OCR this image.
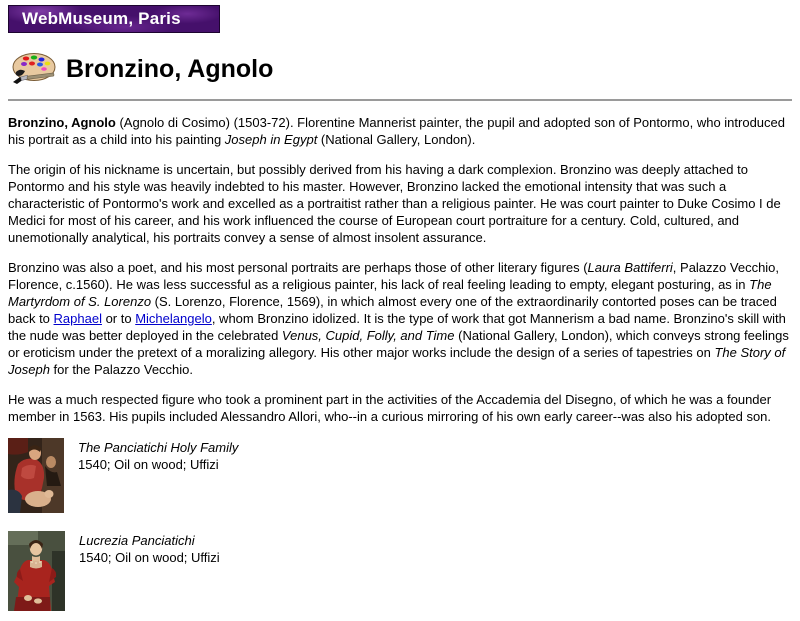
WebMuseum, Paris
Bronzino, Agnolo

Bronzino, Agnolo (Agnolo di Cosimo) (1503-72). Florentine Mannerist painter, the pupil and adopted son of Pontormo, who introduced his portrait as a child into his painting Joseph in Egypt (National Gallery, London).

The origin of his nickname is uncertain, but possibly derived from his having a dark complexion. Bronzino was deeply attached to Pontormo and his style was heavily indebted to his master. However, Bronzino lacked the emotional intensity that was such a characteristic of Pontormo's work and excelled as a portraitist rather than a religious painter. He was court painter to Duke Cosimo I de Medici for most of his career, and his work influenced the course of European court portraiture for a century. Cold, cultured, and unemotionally analytical, his portraits convey a sense of almost insolent assurance.

Bronzino was also a poet, and his most personal portraits are perhaps those of other literary figures (Laura Battiferri, Palazzo Vecchio, Florence, c.1560). He was less successful as a religious painter, his lack of real feeling leading to empty, elegant posturing, as in The Martyrdom of S. Lorenzo (S. Lorenzo, Florence, 1569), in which almost every one of the extraordinarily contorted poses can be traced back to Raphael or to Michelangelo, whom Bronzino idolized. It is the type of work that got Mannerism a bad name. Bronzino's skill with the nude was better deployed in the celebrated Venus, Cupid, Folly, and Time (National Gallery, London), which conveys strong feelings or eroticism under the pretext of a moralizing allegory. His other major works include the design of a series of tapestries on The Story of Joseph for the Palazzo Vecchio.

He was a much respected figure who took a prominent part in the activities of the Accademia del Disegno, of which he was a founder member in 1563. His pupils included Alessandro Allori, who--in a curious mirroring of his own early career--was also his adopted son.

The Panciatichi Holy Family
1540; Oil on wood; Uffizi
Lucrezia Panciatichi
1540; Oil on wood; Uffizi
